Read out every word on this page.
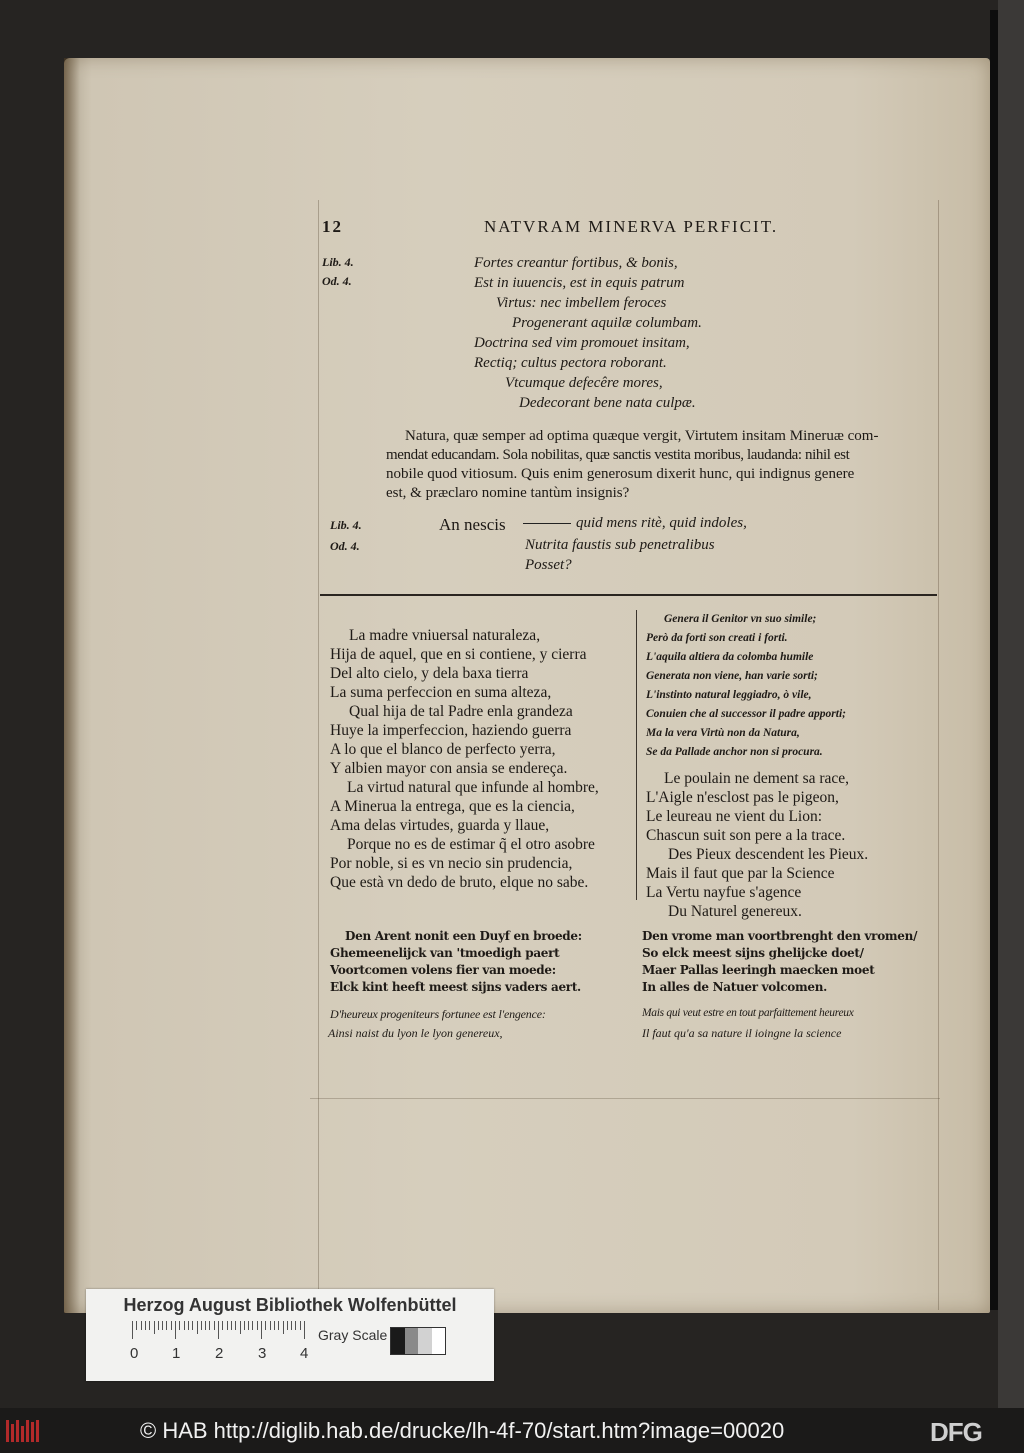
12	NATVRAM MINERVA PERFICIT.
Lib. 4.
Od. 4.
Fortes creantur fortibus, & bonis,
Est in iuuencis, est in equis patrum
Virtus: nec imbellem feroces
Progenerant aquilæ columbam.
Doctrina sed vim promouet insitam,
Rectiq; cultus pectora roborant.
Vtcumque defecêre mores,
Dedecorant bene nata culpæ.
Natura, quæ semper ad optima quæque vergit, Virtutem insitam Mineruæ com-
mendat educandam. Sola nobilitas, quæ sanctis vestita moribus, laudanda: nihil est
nobile quod vitiosum. Quis enim generosum dixerit hunc, qui indignus genere
est, & præclaro nomine tantùm insignis?
Lib. 4.
Od. 4.
An nescis	quid mens ritè, quid indoles,
Nutrita faustis sub penetralibus
Posset?
La madre vniuersal naturaleza,
Hija de aquel, que en si contiene, y cierra
Del alto cielo, y dela baxa tierra
La suma perfeccion en suma alteza,
Qual hija de tal Padre enla grandeza
Huye la imperfeccion, haziendo guerra
A lo que el blanco de perfecto yerra,
Y albien mayor con ansia se endereça.
La virtud natural que infunde al hombre,
A Minerua la entrega, que es la ciencia,
Ama delas virtudes, guarda y llaue,
Porque no es de estimar q̃ el otro asobre
Por noble, si es vn necio sin prudencia,
Que està vn dedo de bruto, elque no sabe.
Genera il Genitor vn suo simile;
Però da forti son creati i forti.
L'aquila altiera da colomba humile
Generata non viene, han varie sorti;
L'instinto natural leggiadro, ò vile,
Conuien che al successor il padre apporti;
Ma la vera Virtù non da Natura,
Se da Pallade anchor non si procura.
Le poulain ne dement sa race,
L'Aigle n'esclost pas le pigeon,
Le leureau ne vient du Lion:
Chascun suit son pere a la trace.
Des Pieux descendent les Pieux.
Mais il faut que par la Science
La Vertu nayfue s'agence
Du Naturel genereux.
Den Arent nonit een Duyf en broede:
Ghemeenelijck van 'tmoedigh paert
Voortcomen volens fier van moede:
Elck kint heeft meest sijns vaders aert.
Den vrome man voortbrenght den vromen/
So elck meest sijns ghelijcke doet/
Maer Pallas leeringh maecken moet
In alles de Natuer volcomen.
D'heureux progeniteurs fortunee est l'engence:
Ainsi naist du lyon le lyon genereux,
Mais qui veut estre en tout parfaittement heureux
Il faut qu'a sa nature il ioingne la science
Herzog August Bibliothek Wolfenbüttel
0 1 2 3 4
Gray Scale
© HAB http://diglib.hab.de/drucke/lh-4f-70/start.htm?image=00020	DFG
